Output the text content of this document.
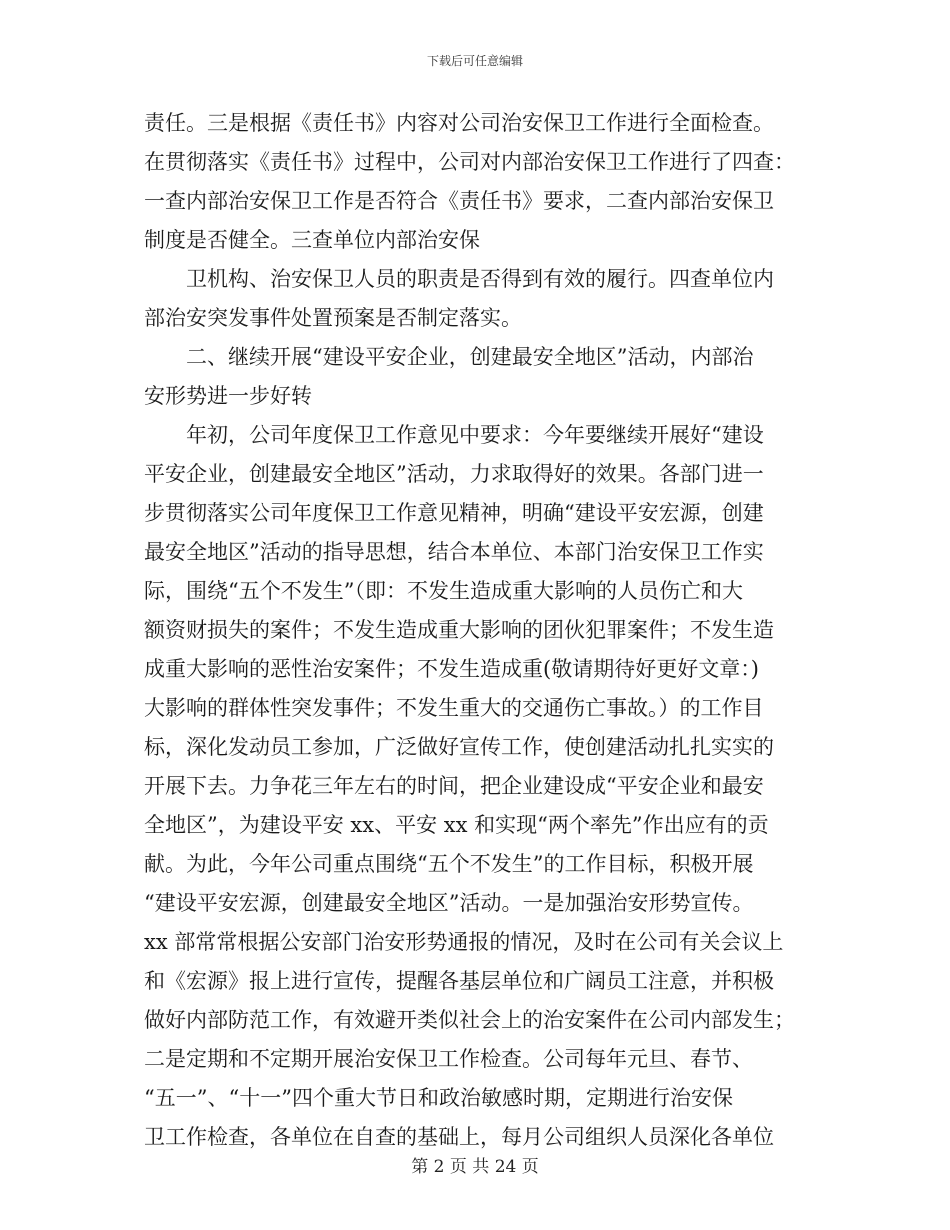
下载后可任意编辑
责任。三是根据《责任书》内容对公司治安保卫工作进行全面检查。
在贯彻落实《责任书》过程中，公司对内部治安保卫工作进行了四查：
一查内部治安保卫工作是否符合《责任书》要求，二查内部治安保卫
制度是否健全。三查单位内部治安保
　　卫机构、治安保卫人员的职责是否得到有效的履行。四查单位内
部治安突发事件处置预案是否制定落实。
　　二、继续开展“建设平安企业，创建最安全地区”活动，内部治
安形势进一步好转
　　年初，公司年度保卫工作意见中要求：今年要继续开展好“建设
平安企业，创建最安全地区”活动，力求取得好的效果。各部门进一
步贯彻落实公司年度保卫工作意见精神，明确“建设平安宏源，创建
最安全地区”活动的指导思想，结合本单位、本部门治安保卫工作实
际，围绕“五个不发生”（即：不发生造成重大影响的人员伤亡和大
额资财损失的案件；不发生造成重大影响的团伙犯罪案件；不发生造
成重大影响的恶性治安案件；不发生造成重(敬请期待好更好文章：)
大影响的群体性突发事件；不发生重大的交通伤亡事故。）的工作目
标，深化发动员工参加，广泛做好宣传工作，使创建活动扎扎实实的
开展下去。力争花三年左右的时间，把企业建设成“平安企业和最安
全地区”，为建设平安 xx、平安 xx 和实现“两个率先”作出应有的贡
献。为此，今年公司重点围绕“五个不发生”的工作目标，积极开展
“建设平安宏源，创建最安全地区”活动。一是加强治安形势宣传。
xx 部常常根据公安部门治安形势通报的情况，及时在公司有关会议上
和《宏源》报上进行宣传，提醒各基层单位和广阔员工注意，并积极
做好内部防范工作，有效避开类似社会上的治安案件在公司内部发生；
二是定期和不定期开展治安保卫工作检查。公司每年元旦、春节、
“五一”、“十一”四个重大节日和政治敏感时期，定期进行治安保
卫工作检查，各单位在自查的基础上，每月公司组织人员深化各单位
第 2 页 共 24 页
